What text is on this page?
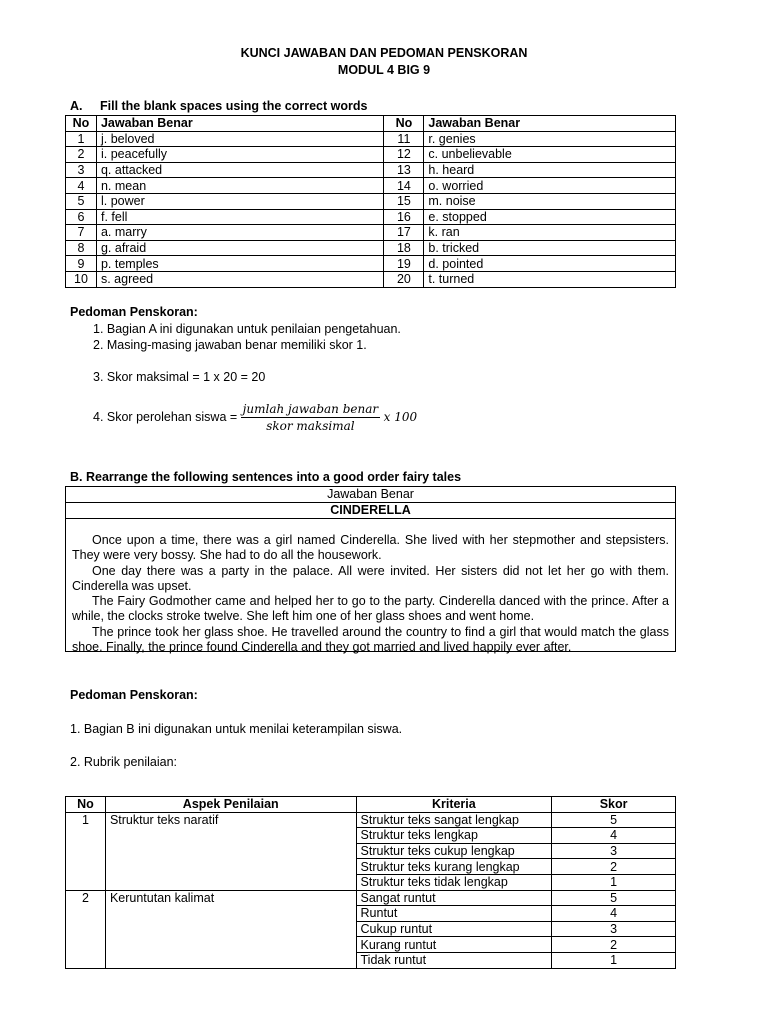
KUNCI JAWABAN DAN PEDOMAN PENSKORAN
MODUL 4 BIG 9
A. Fill the blank spaces using the correct words
No	Jawaban Benar	No	Jawaban Benar
1	j. beloved	11	r. genies
2	i. peacefully	12	c. unbelievable
3	q. attacked	13	h. heard
4	n. mean	14	o. worried
5	l. power	15	m. noise
6	f. fell	16	e. stopped
7	a. marry	17	k. ran
8	g. afraid	18	b. tricked
9	p. temples	19	d. pointed
10	s. agreed	20	t. turned
Pedoman Penskoran:
1. Bagian A ini digunakan untuk penilaian pengetahuan.
2. Masing-masing jawaban benar memiliki skor 1.
3. Skor maksimal = 1 x 20 = 20
4. Skor perolehan siswa = $\frac{\text{jumlah jawaban benar}}{\text{skor maksimal}}$ x 100
B. Rearrange the following sentences into a good order fairy tales
Jawaban Benar
CINDERELLA

Once upon a time, there was a girl named Cinderella. She lived with her stepmother and stepsisters. They were very bossy. She had to do all the housework.

One day there was a party in the palace. All were invited. Her sisters did not let her go with them. Cinderella was upset.

The Fairy Godmother came and helped her to go to the party. Cinderella danced with the prince. After a while, the clocks stroke twelve. She left him one of her glass shoes and went home.

The prince took her glass shoe. He travelled around the country to find a girl that would match the glass shoe. Finally, the prince found Cinderella and they got married and lived happily ever after.

Pedoman Penskoran:
1. Bagian B ini digunakan untuk menilai keterampilan siswa.
2. Rubrik penilaian:
No	Aspek Penilaian	Kriteria	Skor
1	Struktur teks naratif	Struktur teks sangat lengkap	5
		Struktur teks lengkap	4
		Struktur teks cukup lengkap	3
		Struktur teks kurang lengkap	2
		Struktur teks tidak lengkap	1
2	Keruntutan kalimat	Sangat runtut	5
		Runtut	4
		Cukup runtut	3
		Kurang runtut	2
		Tidak runtut	1
